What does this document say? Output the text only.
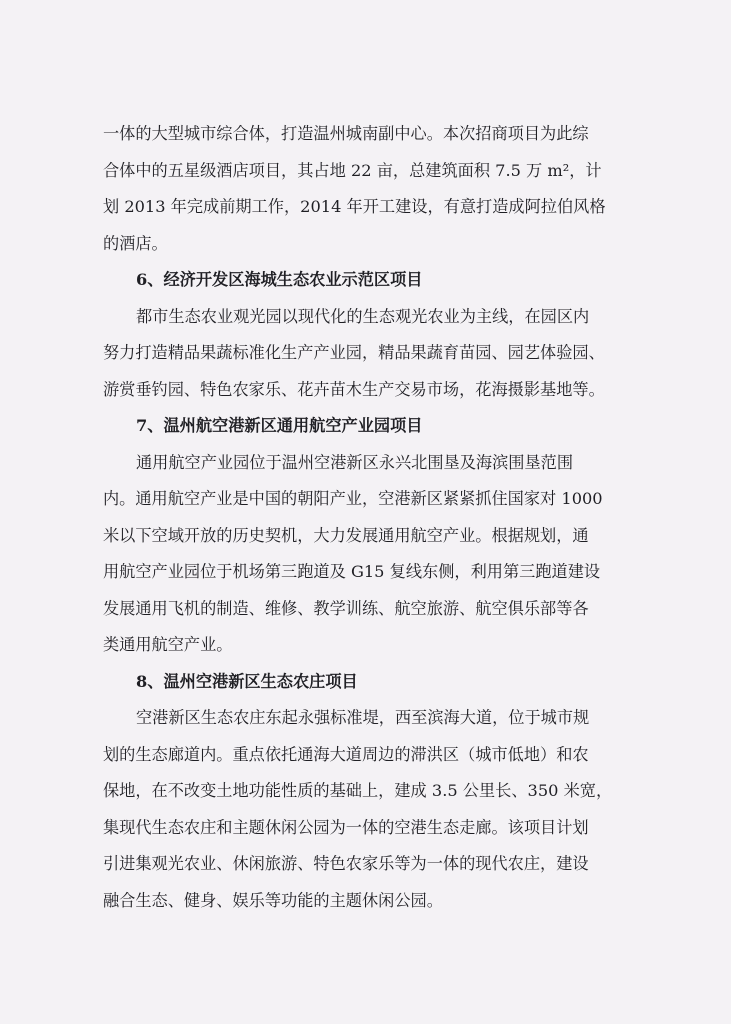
一体的大型城市综合体，打造温州城南副中心。本次招商项目为此综
合体中的五星级酒店项目，其占地 22 亩，总建筑面积 7.5 万 m²，计
划 2013 年完成前期工作，2014 年开工建设，有意打造成阿拉伯风格
的酒店。
6、经济开发区海城生态农业示范区项目
都市生态农业观光园以现代化的生态观光农业为主线，在园区内
努力打造精品果蔬标准化生产产业园，精品果蔬育苗园、园艺体验园、
游赏垂钓园、特色农家乐、花卉苗木生产交易市场，花海摄影基地等。
7、温州航空港新区通用航空产业园项目
通用航空产业园位于温州空港新区永兴北围垦及海滨围垦范围
内。通用航空产业是中国的朝阳产业，空港新区紧紧抓住国家对 1000
米以下空域开放的历史契机，大力发展通用航空产业。根据规划，通
用航空产业园位于机场第三跑道及 G15 复线东侧，利用第三跑道建设
发展通用飞机的制造、维修、教学训练、航空旅游、航空俱乐部等各
类通用航空产业。
8、温州空港新区生态农庄项目
空港新区生态农庄东起永强标准堤，西至滨海大道，位于城市规
划的生态廊道内。重点依托通海大道周边的滞洪区（城市低地）和农
保地，在不改变土地功能性质的基础上，建成 3.5 公里长、350 米宽，
集现代生态农庄和主题休闲公园为一体的空港生态走廊。该项目计划
引进集观光农业、休闲旅游、特色农家乐等为一体的现代农庄，建设
融合生态、健身、娱乐等功能的主题休闲公园。
